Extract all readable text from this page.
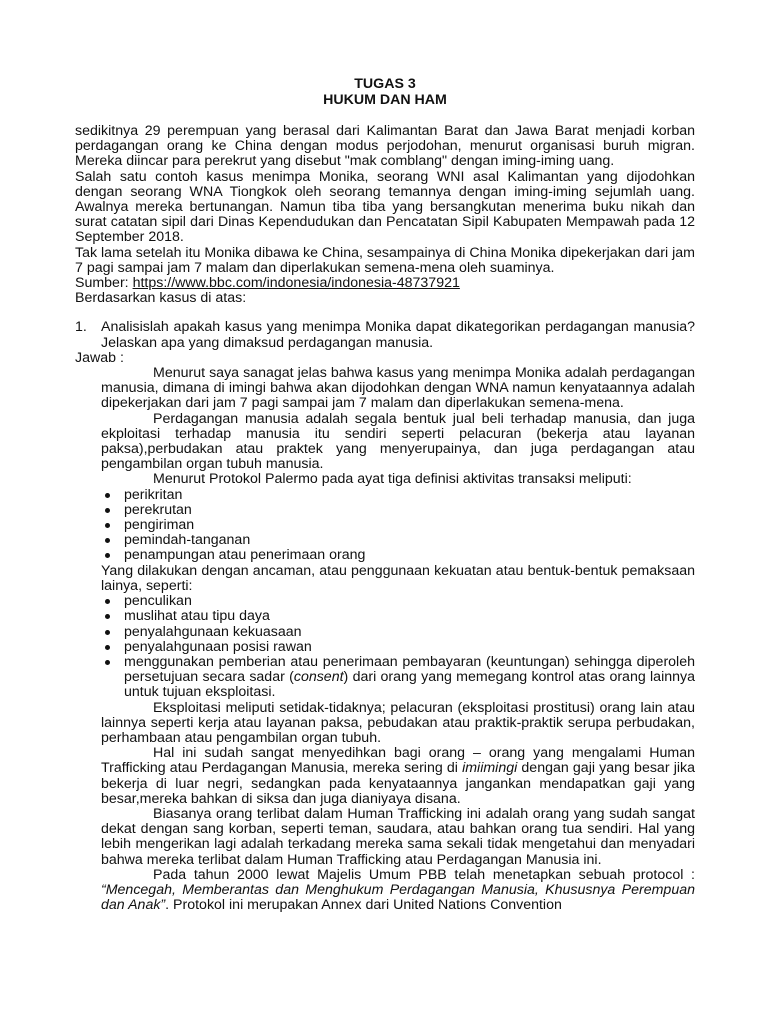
TUGAS 3
HUKUM DAN HAM

sedikitnya 29 perempuan yang berasal dari Kalimantan Barat dan Jawa Barat menjadi korban perdagangan orang ke China dengan modus perjodohan, menurut organisasi buruh migran. Mereka diincar para perekrut yang disebut "mak comblang" dengan iming-iming uang.

Salah satu contoh kasus menimpa Monika, seorang WNI asal Kalimantan yang dijodohkan dengan seorang WNA Tiongkok oleh seorang temannya dengan iming-iming sejumlah uang. Awalnya mereka bertunangan. Namun tiba tiba yang bersangkutan menerima buku nikah dan surat catatan sipil dari Dinas Kependudukan dan Pencatatan Sipil Kabupaten Mempawah pada 12 September 2018.

Tak lama setelah itu Monika dibawa ke China, sesampainya di China Monika dipekerjakan dari jam 7 pagi sampai jam 7 malam dan diperlakukan semena-mena oleh suaminya.

Sumber: https://www.bbc.com/indonesia/indonesia-48737921

Berdasarkan kasus di atas:

1. Analisislah apakah kasus yang menimpa Monika dapat dikategorikan perdagangan manusia? Jelaskan apa yang dimaksud perdagangan manusia.

Jawab :

Menurut saya sanagat jelas bahwa kasus yang menimpa Monika adalah perdagangan manusia, dimana di imingi bahwa akan dijodohkan dengan WNA namun kenyataannya adalah dipekerjakan dari jam 7 pagi sampai jam 7 malam dan diperlakukan semena-mena.

Perdagangan manusia adalah segala bentuk jual beli terhadap manusia, dan juga ekploitasi terhadap manusia itu sendiri seperti pelacuran (bekerja atau layanan paksa),perbudakan atau praktek yang menyerupainya, dan juga perdagangan atau pengambilan organ tubuh manusia.

Menurut Protokol Palermo pada ayat tiga definisi aktivitas transaksi meliputi:

perikritan
perekrutan
pengiriman
pemindah-tanganan
penampungan atau penerimaan orang

Yang dilakukan dengan ancaman, atau penggunaan kekuatan atau bentuk-bentuk pemaksaan lainya, seperti:

penculikan
muslihat atau tipu daya
penyalahgunaan kekuasaan
penyalahgunaan posisi rawan
menggunakan pemberian atau penerimaan pembayaran (keuntungan) sehingga diperoleh persetujuan secara sadar (consent) dari orang yang memegang kontrol atas orang lainnya untuk tujuan eksploitasi.

Eksploitasi meliputi setidak-tidaknya; pelacuran (eksploitasi prostitusi) orang lain atau lainnya seperti kerja atau layanan paksa, pebudakan atau praktik-praktik serupa perbudakan, perhambaan atau pengambilan organ tubuh.

Hal ini sudah sangat menyedihkan bagi orang – orang yang mengalami Human Trafficking atau Perdagangan Manusia, mereka sering di imiimingi dengan gaji yang besar jika bekerja di luar negri, sedangkan pada kenyataannya jangankan mendapatkan gaji yang besar,mereka bahkan di siksa dan juga dianiyaya disana.

Biasanya orang terlibat dalam Human Trafficking ini adalah orang yang sudah sangat dekat dengan sang korban, seperti teman, saudara, atau bahkan orang tua sendiri. Hal yang lebih mengerikan lagi adalah terkadang mereka sama sekali tidak mengetahui dan menyadari bahwa mereka terlibat dalam Human Trafficking atau Perdagangan Manusia ini.

Pada tahun 2000 lewat Majelis Umum PBB telah menetapkan sebuah protocol : “Mencegah, Memberantas dan Menghukum Perdagangan Manusia, Khususnya Perempuan dan Anak”. Protokol ini merupakan Annex dari United Nations Convention
